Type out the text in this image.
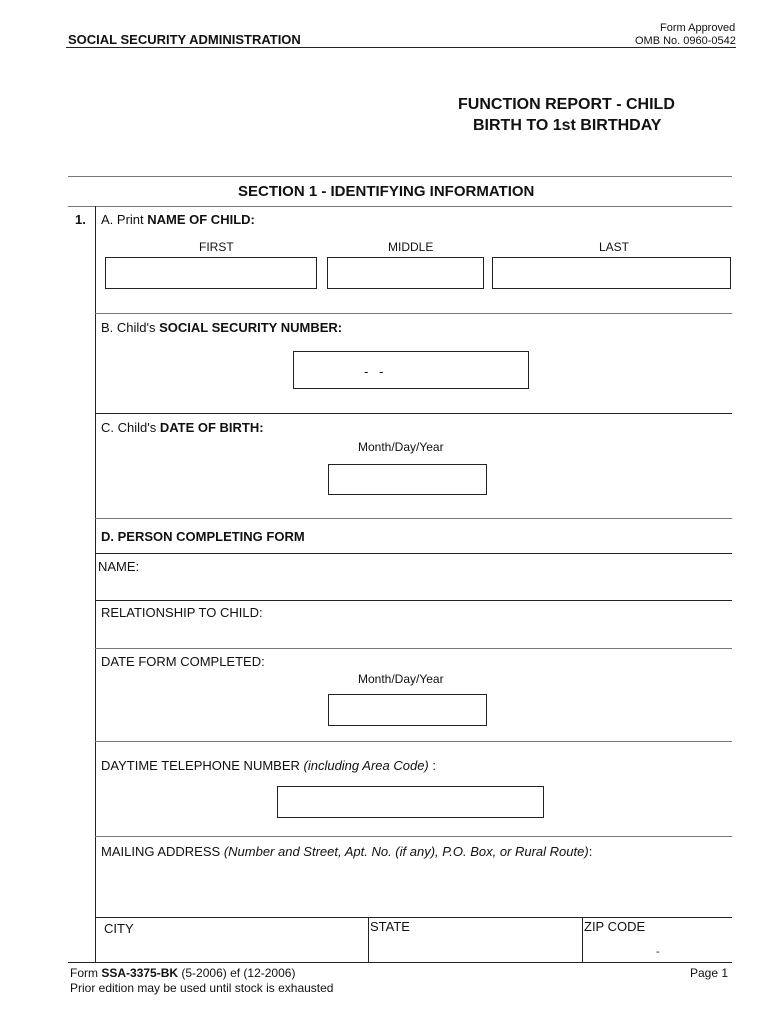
SOCIAL SECURITY ADMINISTRATION
Form Approved
OMB No. 0960-0542
FUNCTION REPORT - CHILD
BIRTH TO 1st BIRTHDAY
SECTION 1 - IDENTIFYING INFORMATION
1. A. Print NAME OF CHILD:
FIRST	MIDDLE	LAST
B. Child's SOCIAL SECURITY NUMBER:
-   -
C. Child's DATE OF BIRTH:
Month/Day/Year
D. PERSON COMPLETING FORM
NAME:
RELATIONSHIP TO CHILD:
DATE FORM COMPLETED:
Month/Day/Year
DAYTIME TELEPHONE NUMBER (including Area Code) :
MAILING ADDRESS (Number and Street, Apt. No. (if any), P.O. Box, or Rural Route):
CITY	STATE	ZIP CODE
-
Form SSA-3375-BK (5-2006) ef (12-2006)
Prior edition may be used until stock is exhausted
Page 1
